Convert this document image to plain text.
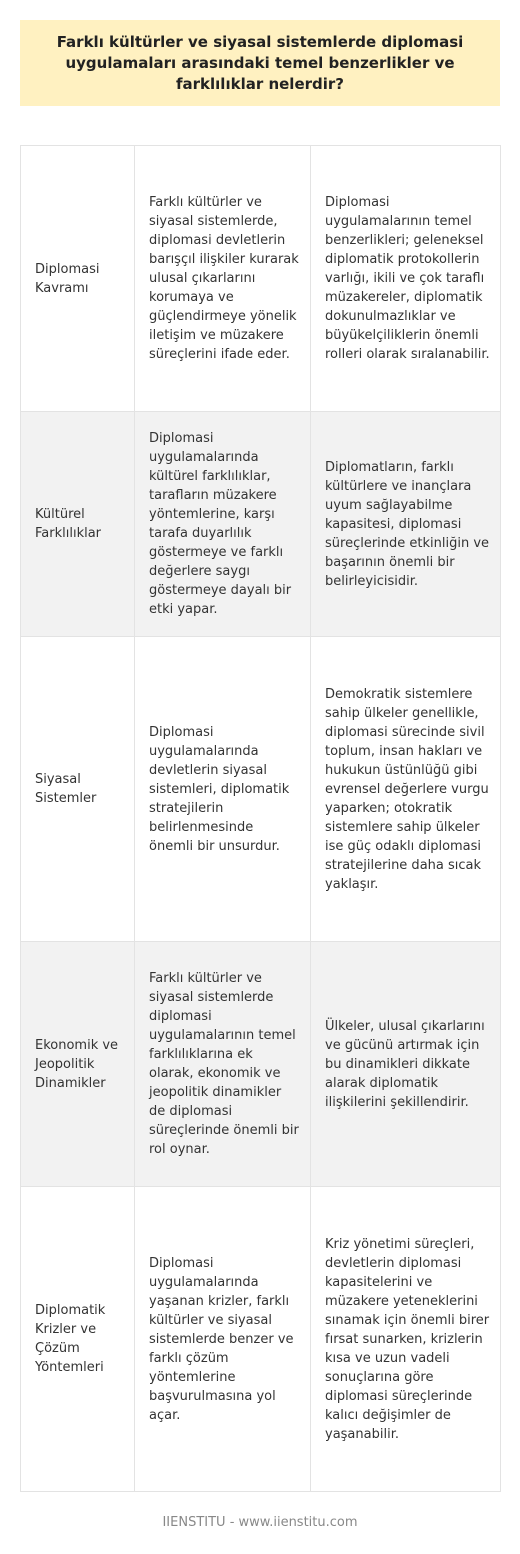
Farklı kültürler ve siyasal sistemlerde diplomasi uygulamaları arasındaki temel benzerlikler ve farklılıklar nelerdir?
Diplomasi Kavramı	Farklı kültürler ve siyasal sistemlerde, diplomasi devletlerin barışçıl ilişkiler kurarak ulusal çıkarlarını korumaya ve güçlendirmeye yönelik iletişim ve müzakere süreçlerini ifade eder.	Diplomasi uygulamalarının temel benzerlikleri; geleneksel diplomatik protokollerin varlığı, ikili ve çok taraflı müzakereler, diplomatik dokunulmazlıklar ve büyükelçiliklerin önemli rolleri olarak sıralanabilir.
Kültürel Farklılıklar	Diplomasi uygulamalarında kültürel farklılıklar, tarafların müzakere yöntemlerine, karşı tarafa duyarlılık göstermeye ve farklı değerlere saygı göstermeye dayalı bir etki yapar.	Diplomatların, farklı kültürlere ve inançlara uyum sağlayabilme kapasitesi, diplomasi süreçlerinde etkinliğin ve başarının önemli bir belirleyicisidir.
Siyasal Sistemler	Diplomasi uygulamalarında devletlerin siyasal sistemleri, diplomatik stratejilerin belirlenmesinde önemli bir unsurdur.	Demokratik sistemlere sahip ülkeler genellikle, diplomasi sürecinde sivil toplum, insan hakları ve hukukun üstünlüğü gibi evrensel değerlere vurgu yaparken; otokratik sistemlere sahip ülkeler ise güç odaklı diplomasi stratejilerine daha sıcak yaklaşır.
Ekonomik ve Jeopolitik Dinamikler	Farklı kültürler ve siyasal sistemlerde diplomasi uygulamalarının temel farklılıklarına ek olarak, ekonomik ve jeopolitik dinamikler de diplomasi süreçlerinde önemli bir rol oynar.	Ülkeler, ulusal çıkarlarını ve gücünü artırmak için bu dinamikleri dikkate alarak diplomatik ilişkilerini şekillendirir.
Diplomatik Krizler ve Çözüm Yöntemleri	Diplomasi uygulamalarında yaşanan krizler, farklı kültürler ve siyasal sistemlerde benzer ve farklı çözüm yöntemlerine başvurulmasına yol açar.	Kriz yönetimi süreçleri, devletlerin diplomasi kapasitelerini ve müzakere yeteneklerini sınamak için önemli birer fırsat sunarken, krizlerin kısa ve uzun vadeli sonuçlarına göre diplomasi süreçlerinde kalıcı değişimler de yaşanabilir.
IIENSTITU - www.iienstitu.com
